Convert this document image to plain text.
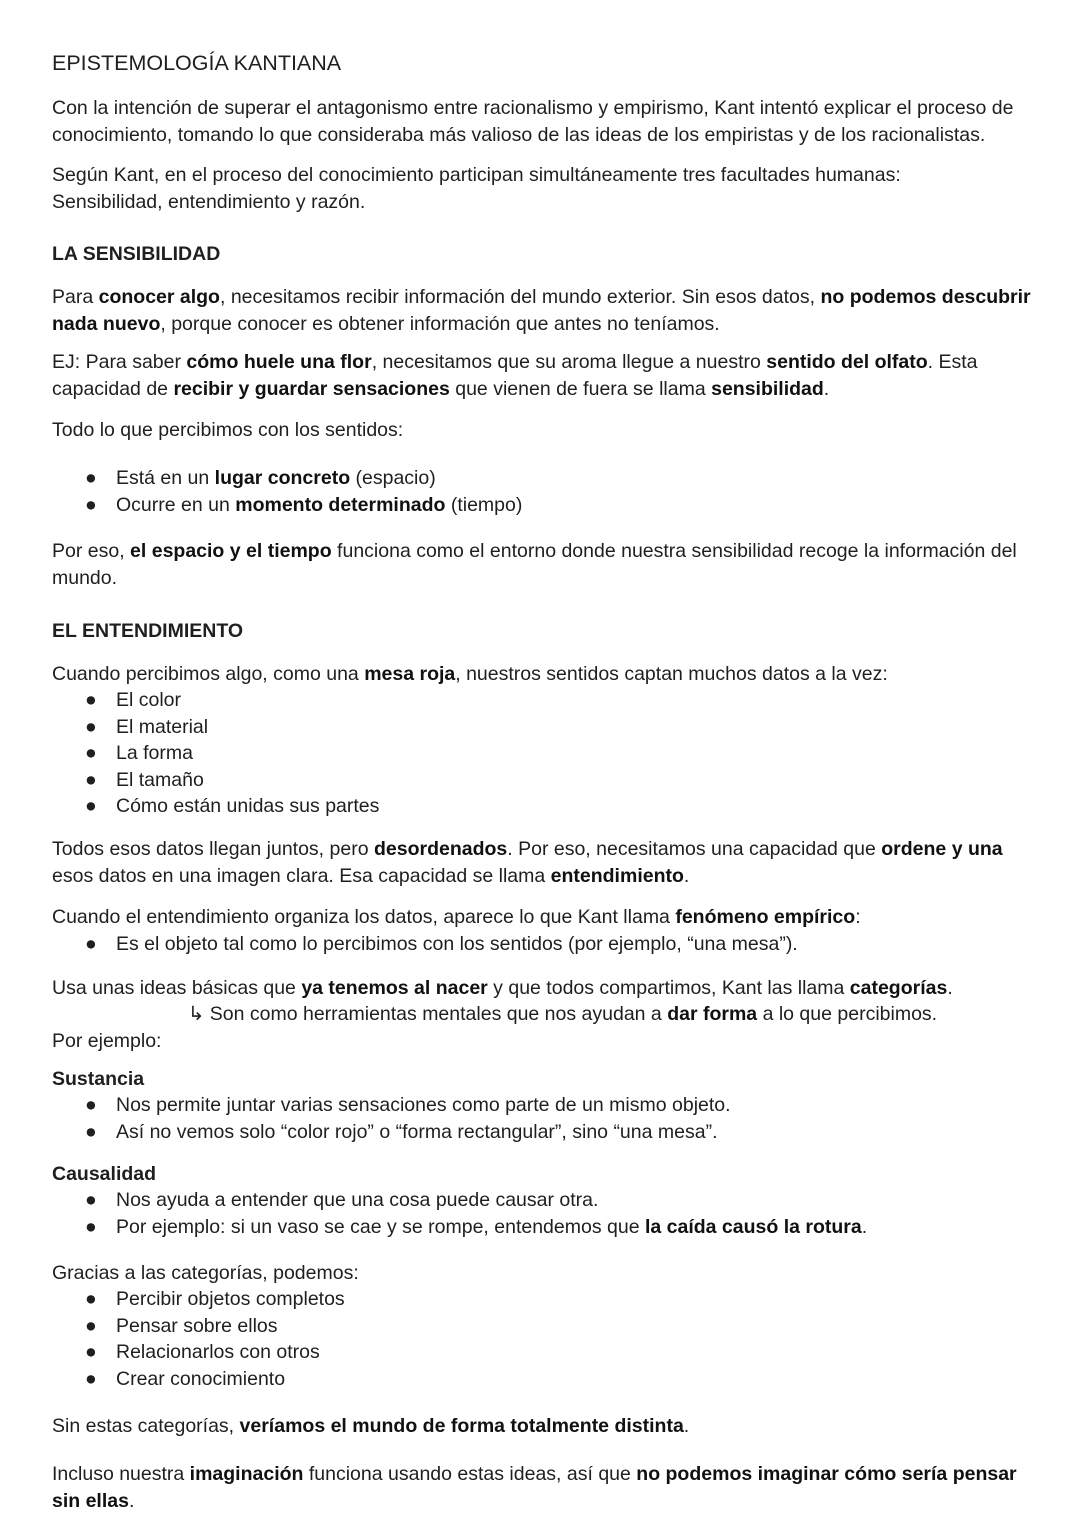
EPISTEMOLOGÍA KANTIANA
Con la intención de superar el antagonismo entre racionalismo y empirismo, Kant intentó explicar el proceso de conocimiento, tomando lo que consideraba más valioso de las ideas de los empiristas y de los racionalistas.
Según Kant, en el proceso del conocimiento participan simultáneamente tres facultades humanas:
Sensibilidad, entendimiento y razón.
LA SENSIBILIDAD
Para conocer algo, necesitamos recibir información del mundo exterior. Sin esos datos, no podemos descubrir nada nuevo, porque conocer es obtener información que antes no teníamos.
EJ: Para saber cómo huele una flor, necesitamos que su aroma llegue a nuestro sentido del olfato. Esta capacidad de recibir y guardar sensaciones que vienen de fuera se llama sensibilidad.
Todo lo que percibimos con los sentidos:
● Está en un lugar concreto (espacio)
● Ocurre en un momento determinado (tiempo)
Por eso, el espacio y el tiempo funciona como el entorno donde nuestra sensibilidad recoge la información del mundo.
EL ENTENDIMIENTO
Cuando percibimos algo, como una mesa roja, nuestros sentidos captan muchos datos a la vez:
● El color
● El material
● La forma
● El tamaño
● Cómo están unidas sus partes
Todos esos datos llegan juntos, pero desordenados. Por eso, necesitamos una capacidad que ordene y una esos datos en una imagen clara. Esa capacidad se llama entendimiento.
Cuando el entendimiento organiza los datos, aparece lo que Kant llama fenómeno empírico:
● Es el objeto tal como lo percibimos con los sentidos (por ejemplo, “una mesa”).
Usa unas ideas básicas que ya tenemos al nacer y que todos compartimos, Kant las llama categorías.
↳ Son como herramientas mentales que nos ayudan a dar forma a lo que percibimos.
Por ejemplo:
Sustancia
● Nos permite juntar varias sensaciones como parte de un mismo objeto.
● Así no vemos solo “color rojo” o “forma rectangular”, sino “una mesa”.
Causalidad
● Nos ayuda a entender que una cosa puede causar otra.
● Por ejemplo: si un vaso se cae y se rompe, entendemos que la caída causó la rotura.
Gracias a las categorías, podemos:
● Percibir objetos completos
● Pensar sobre ellos
● Relacionarlos con otros
● Crear conocimiento
Sin estas categorías, veríamos el mundo de forma totalmente distinta.
Incluso nuestra imaginación funciona usando estas ideas, así que no podemos imaginar cómo sería pensar sin ellas.
